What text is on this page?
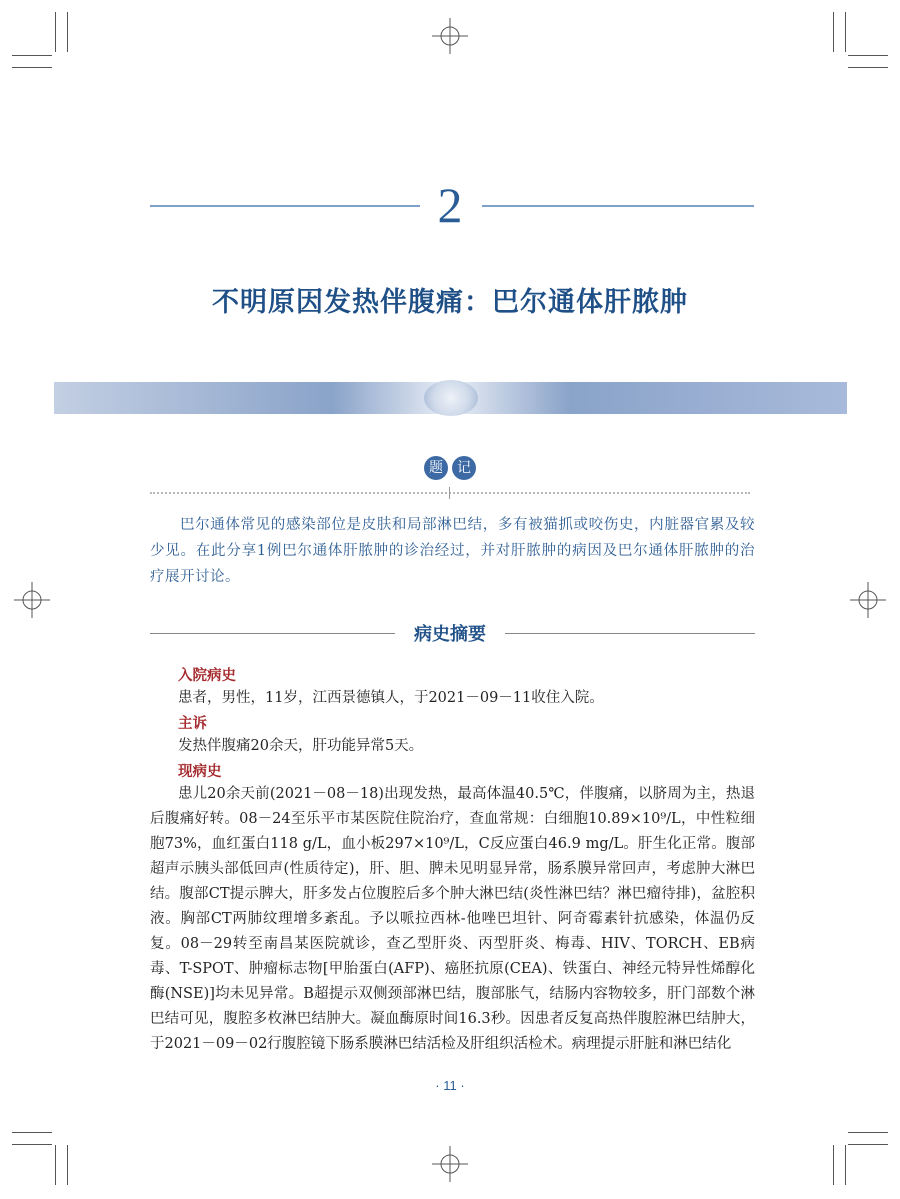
2
不明原因发热伴腹痛：巴尔通体肝脓肿
题	记
巴尔通体常见的感染部位是皮肤和局部淋巴结，多有被猫抓或咬伤史，内脏器官累及较少见。在此分享1例巴尔通体肝脓肿的诊治经过，并对肝脓肿的病因及巴尔通体肝脓肿的治疗展开讨论。
病史摘要
入院病史
患者，男性，11岁，江西景德镇人，于2021－09－11收住入院。
主诉
发热伴腹痛20余天，肝功能异常5天。
现病史
患儿20余天前(2021－08－18)出现发热，最高体温40.5℃，伴腹痛，以脐周为主，热退后腹痛好转。08－24至乐平市某医院住院治疗，查血常规：白细胞10.89×10⁹/L，中性粒细胞73%，血红蛋白118 g/L，血小板297×10⁹/L，C反应蛋白46.9 mg/L。肝生化正常。腹部超声示胰头部低回声(性质待定)，肝、胆、脾未见明显异常，肠系膜异常回声，考虑肿大淋巴结。腹部CT提示脾大，肝多发占位腹腔后多个肿大淋巴结(炎性淋巴结？淋巴瘤待排)，盆腔积液。胸部CT两肺纹理增多紊乱。予以哌拉西林-他唑巴坦针、阿奇霉素针抗感染，体温仍反复。08－29转至南昌某医院就诊，查乙型肝炎、丙型肝炎、梅毒、HIV、TORCH、EB病毒、T-SPOT、肿瘤标志物[甲胎蛋白(AFP)、癌胚抗原(CEA)、铁蛋白、神经元特异性烯醇化酶(NSE)]均未见异常。B超提示双侧颈部淋巴结，腹部胀气，结肠内容物较多，肝门部数个淋巴结可见，腹腔多枚淋巴结肿大。凝血酶原时间16.3秒。因患者反复高热伴腹腔淋巴结肿大，于2021－09－02行腹腔镜下肠系膜淋巴结活检及肝组织活检术。病理提示肝脏和淋巴结化
· 11 ·
